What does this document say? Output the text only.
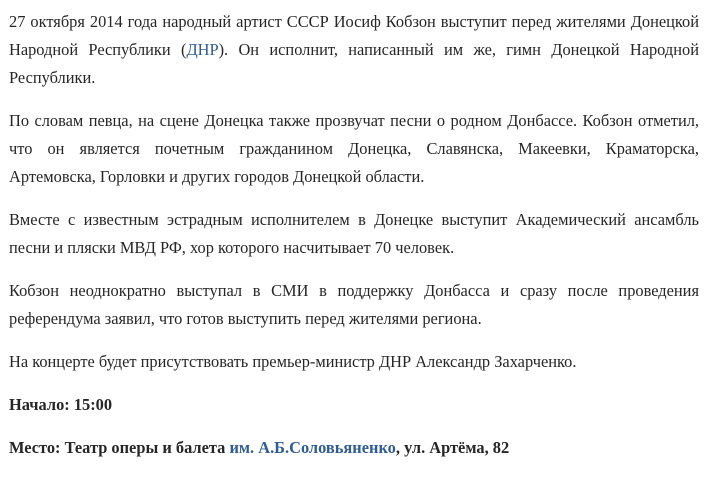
27 октября 2014 года народный артист СССР Иосиф Кобзон выступит перед жителями Донецкой Народной Республики (ДНР). Он исполнит, написанный им же, гимн Донецкой Народной Республики.

По словам певца, на сцене Донецка также прозвучат песни о родном Донбассе. Кобзон отметил, что он является почетным гражданином Донецка, Славянска, Макеевки, Краматорска, Артемовска, Горловки и других городов Донецкой области.

Вместе с известным эстрадным исполнителем в Донецке выступит Академический ансамбль песни и пляски МВД РФ, хор которого насчитывает 70 человек.

Кобзон неоднократно выступал в СМИ в поддержку Донбасса и сразу после проведения референдума заявил, что готов выступить перед жителями региона.

На концерте будет присутствовать премьер-министр ДНР Александр Захарченко.

Начало: 15:00

Место: Театр оперы и балета им. А.Б.Соловьяненко, ул. Артёма, 82
